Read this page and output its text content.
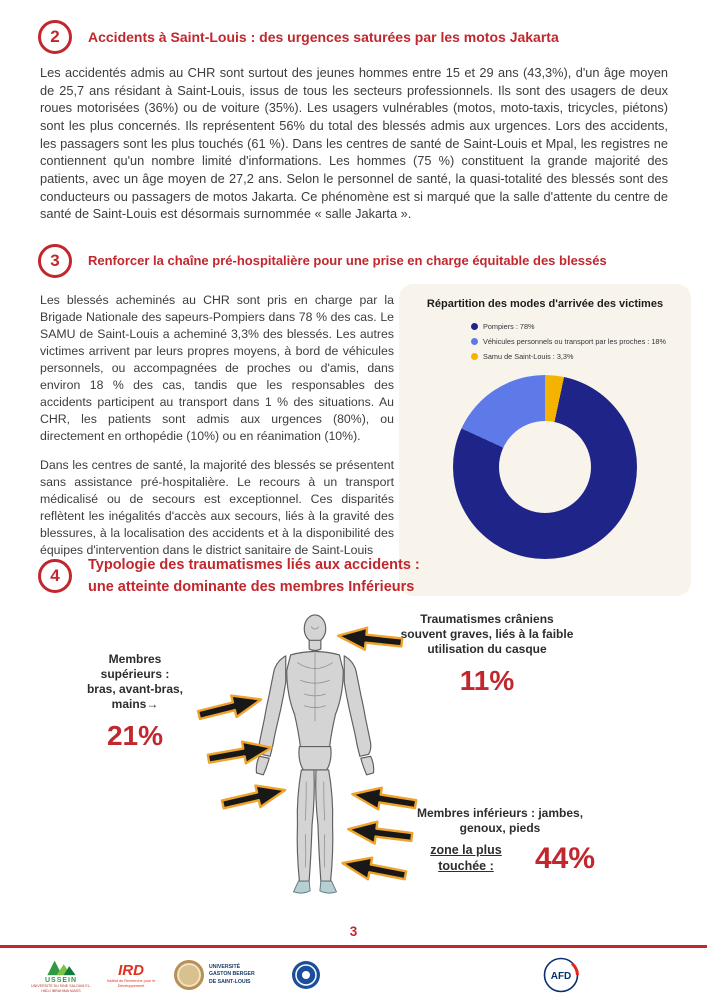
2	Accidents à Saint-Louis : des urgences saturées par les motos Jakarta

Les accidentés admis au CHR sont surtout des jeunes hommes entre 15 et 29 ans (43,3%), d'un âge moyen de 25,7 ans résidant à Saint-Louis, issus de tous les secteurs professionnels. Ils sont des usagers de deux roues motorisées (36%) ou de voiture (35%). Les usagers vulnérables (motos, moto-taxis, tricycles, piétons) sont les plus concernés. Ils représentent 56% du total des blessés admis aux urgences. Lors des accidents, les passagers sont les plus touchés (61 %). Dans les centres de santé de Saint-Louis et Mpal, les registres ne contiennent qu'un nombre limité d'informations. Les hommes (75 %) constituent la grande majorité des patients, avec un âge moyen de 27,2 ans. Selon le personnel de santé, la quasi-totalité des blessés sont des conducteurs ou passagers de motos Jakarta. Ce phénomène est si marqué que la salle d'attente du centre de santé de Saint-Louis est désormais surnommée « salle Jakarta ».

3	Renforcer la chaîne pré-hospitalière pour une prise en charge équitable des blessés

Les blessés acheminés au CHR sont pris en charge par la Brigade Nationale des sapeurs-Pompiers dans 78 % des cas. Le SAMU de Saint-Louis a acheminé 3,3% des blessés. Les autres victimes arrivent par leurs propres moyens, à bord de véhicules personnels, ou accompagnées de proches ou d'amis, dans environ 18 % des cas, tandis que les responsables des accidents participent au transport dans 1 % des situations. Au CHR, les patients sont admis aux urgences (80%), ou directement en orthopédie (10%) ou en réanimation (10%).

Dans les centres de santé, la majorité des blessés se présentent sans assistance pré-hospitalière. Le recours à un transport médicalisé ou de secours est exceptionnel. Ces disparités reflètent les inégalités d'accès aux secours, liés à la gravité des blessures, à la localisation des accidents et à la disponibilité des équipes d'intervention dans le district sanitaire de Saint-Louis

Répartition des modes d'arrivée des victimes
Pompiers : 78%
Véhicules personnels ou transport par les proches : 18%
Samu de Saint-Louis : 3,3%
4
Typologie des traumatismes liés aux accidents :
une atteinte dominante des membres Inférieurs
Membres supérieurs : bras, avant-bras, mains→
21%
Traumatismes crâniens souvent graves, liés à la faible utilisation du casque
11%
Membres inférieurs : jambes, genoux, pieds
zone la plus touchée :	44%
3
USSEIN
UNIVERSITÉ DU SINE SALOUM EL-HÂDJ IBRAHIMA NIASS
IRD
Institut de Recherche pour le Développement
UNIVERSITÉ
GASTON BERGER
DE SAINT-LOUIS	AFD
